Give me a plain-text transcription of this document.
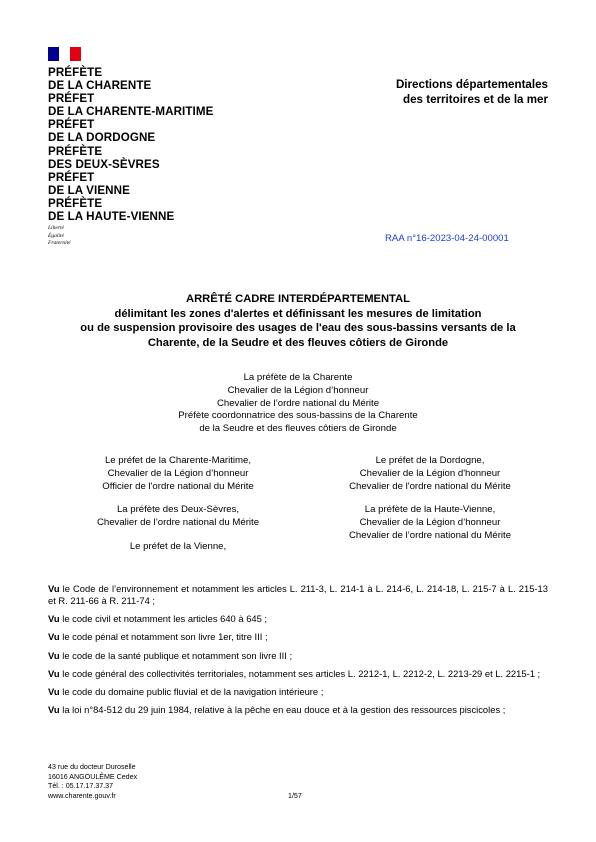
PRÉFÈTE
DE LA CHARENTE
PRÉFET
DE LA CHARENTE-MARITIME
PRÉFET
DE LA DORDOGNE
PRÉFÈTE
DES DEUX-SÈVRES
PRÉFET
DE LA VIENNE
PRÉFÈTE
DE LA HAUTE-VIENNE
Liberté
Égalité
Fraternité
Directions départementales
des territoires et de la mer
RAA n°16-2023-04-24-00001
ARRÊTÉ CADRE INTERDÉPARTEMENTAL
délimitant les zones d'alertes et définissant les mesures de limitation
ou de suspension provisoire des usages de l'eau des sous-bassins versants de la
Charente, de la Seudre et des fleuves côtiers de Gironde
La préfète de la Charente
Chevalier de la Légion d’honneur
Chevalier de l’ordre national du Mérite
Préfète coordonnatrice des sous-bassins de la Charente
de la Seudre et des fleuves côtiers de Gironde
Le préfet de la Charente-Maritime,
Chevalier de la Légion d’honneur
Officier de l'ordre national du Mérite
La préfète des Deux-Sèvres,
Chevalier de l’ordre national du Mérite
Le préfet de la Vienne,
Le préfet de la Dordogne,
Chevalier de la Légion d'honneur
Chevalier de l'ordre national du Mérite
La préfète de la Haute-Vienne,
Chevalier de la Légion d’honneur
Chevalier de l’ordre national du Mérite
Vu le Code de l’environnement et notamment les articles L. 211-3, L. 214-1 à L. 214-6, L. 214-18, L. 215-7 à L. 215-13 et R. 211-66 à R. 211-74 ;
Vu le code civil et notamment les articles 640 à 645 ;
Vu le code pénal et notamment son livre 1er, titre III ;
Vu le code de la santé publique et notamment son livre III ;
Vu le code général des collectivités territoriales, notamment ses articles L. 2212-1, L. 2212-2, L. 2213-29 et L. 2215-1 ;
Vu le code du domaine public fluvial et de la navigation intérieure ;
Vu la loi n°84-512 du 29 juin 1984, relative à la pêche en eau douce et à la gestion des ressources piscicoles ;
43 rue du docteur Duroselle
16016 ANGOULÊME Cedex
Tél. : 05.17.17.37.37
www.charente.gouv.fr	1/57
